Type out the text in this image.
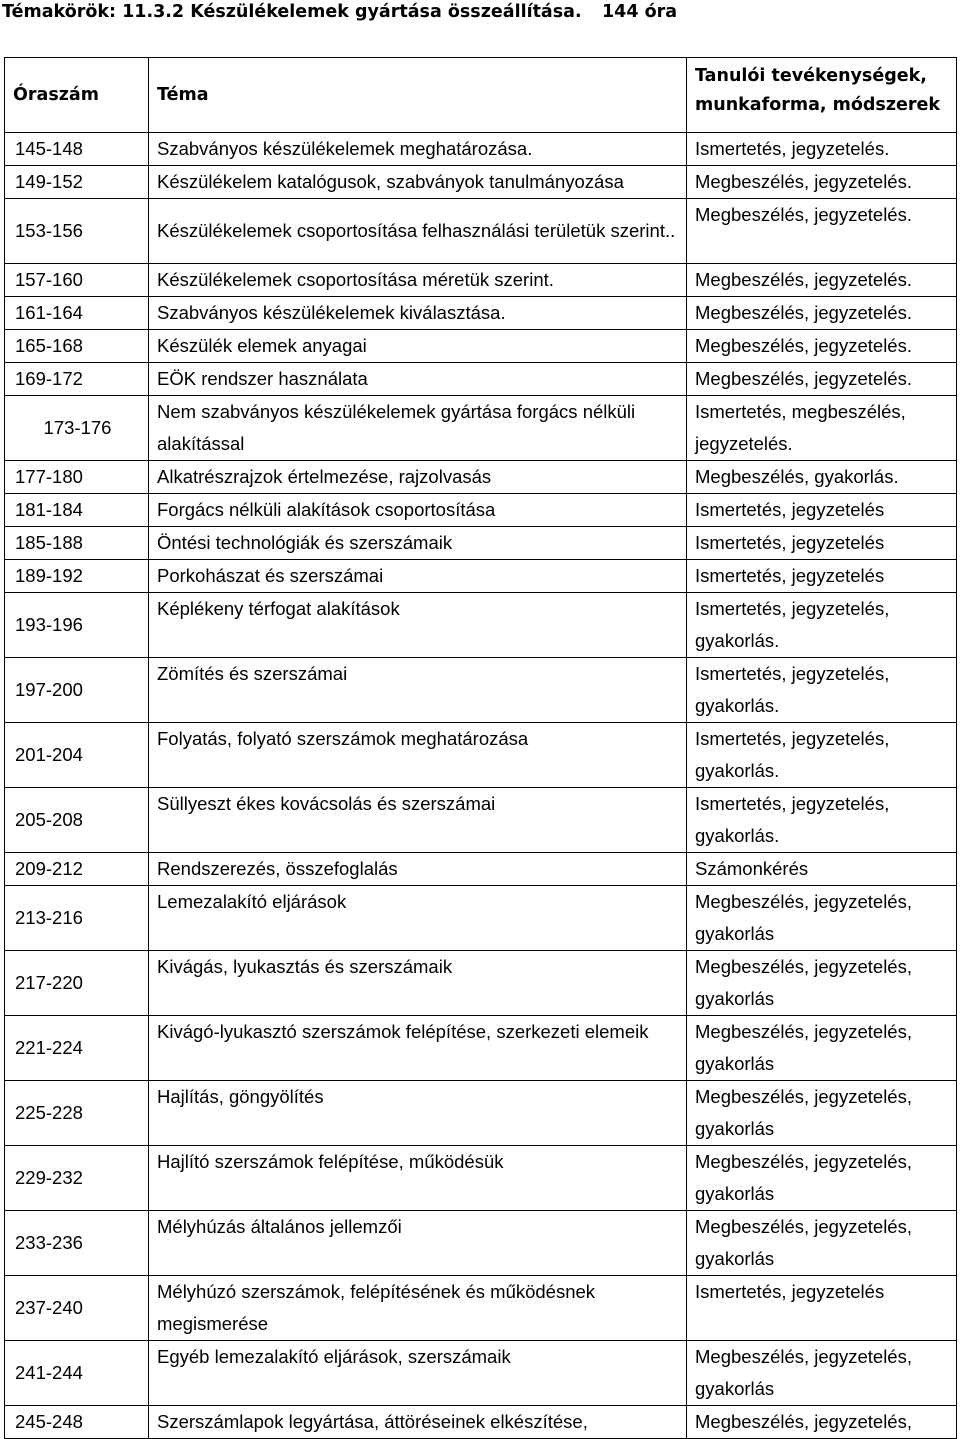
Témakörök: 11.3.2 Készülékelemek gyártása összeállítása. 144 óra
Óraszám	Téma	Tanulói tevékenységek, munkaforma, módszerek
145-148	Szabványos készülékelemek meghatározása.	Ismertetés, jegyzetelés.
149-152	Készülékelem katalógusok, szabványok tanulmányozása	Megbeszélés, jegyzetelés.
153-156	Készülékelemek csoportosítása felhasználási területük szerint..	Megbeszélés, jegyzetelés.
157-160	Készülékelemek csoportosítása méretük szerint.	Megbeszélés, jegyzetelés.
161-164	Szabványos készülékelemek kiválasztása.	Megbeszélés, jegyzetelés.
165-168	Készülék elemek anyagai	Megbeszélés, jegyzetelés.
169-172	EÖK rendszer használata	Megbeszélés, jegyzetelés.
173-176	Nem szabványos készülékelemek gyártása forgács nélküli alakítással	Ismertetés, megbeszélés, jegyzetelés.
177-180	Alkatrészrajzok értelmezése, rajzolvasás	Megbeszélés, gyakorlás.
181-184	Forgács nélküli alakítások csoportosítása	Ismertetés, jegyzetelés
185-188	Öntési technológiák és szerszámaik	Ismertetés, jegyzetelés
189-192	Porkohászat és szerszámai	Ismertetés, jegyzetelés
193-196	Képlékeny térfogat alakítások	Ismertetés, jegyzetelés, gyakorlás.
197-200	Zömítés és szerszámai	Ismertetés, jegyzetelés, gyakorlás.
201-204	Folyatás, folyató szerszámok meghatározása	Ismertetés, jegyzetelés, gyakorlás.
205-208	Süllyeszt ékes kovácsolás és szerszámai	Ismertetés, jegyzetelés, gyakorlás.
209-212	Rendszerezés, összefoglalás	Számonkérés
213-216	Lemezalakító eljárások	Megbeszélés, jegyzetelés, gyakorlás
217-220	Kivágás, lyukasztás és szerszámaik	Megbeszélés, jegyzetelés, gyakorlás
221-224	Kivágó-lyukasztó szerszámok felépítése, szerkezeti elemeik	Megbeszélés, jegyzetelés, gyakorlás
225-228	Hajlítás, göngyölítés	Megbeszélés, jegyzetelés, gyakorlás
229-232	Hajlító szerszámok felépítése, működésük	Megbeszélés, jegyzetelés, gyakorlás
233-236	Mélyhúzás általános jellemzői	Megbeszélés, jegyzetelés, gyakorlás
237-240	Mélyhúzó szerszámok, felépítésének és működésnek megismerése	Ismertetés, jegyzetelés
241-244	Egyéb lemezalakító eljárások, szerszámaik	Megbeszélés, jegyzetelés, gyakorlás
245-248	Szerszámlapok legyártása, áttöréseinek elkészítése,	Megbeszélés, jegyzetelés,
